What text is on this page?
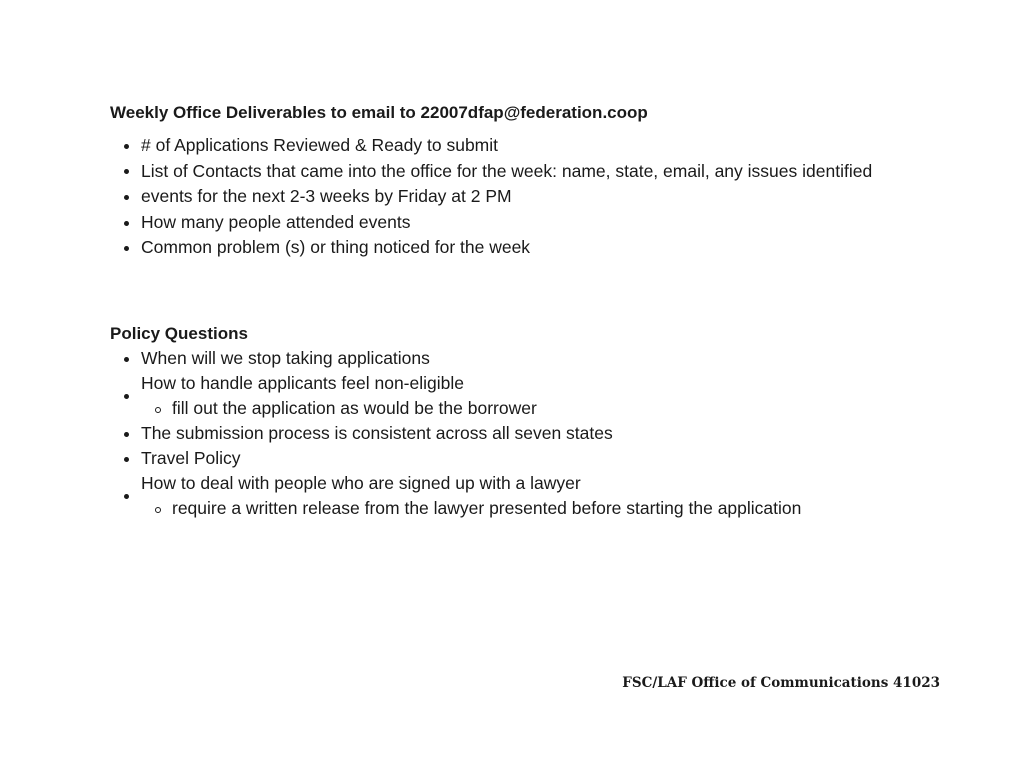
Weekly Office Deliverables to email to 22007dfap@federation.coop
# of Applications Reviewed & Ready to submit
List of Contacts that came into the office for the week: name, state, email, any issues identified
events for the next 2-3 weeks by Friday at 2 PM
How many people attended events
Common problem (s) or thing noticed for the week
Policy Questions
When will we stop taking applications
How to handle applicants feel non-eligible
fill out the application as would be the borrower
The submission process is consistent across all seven states
Travel Policy
How to deal with people who are signed up with a lawyer
require a written release from the lawyer presented before starting the application
FSC/LAF Office of Communications 41023
